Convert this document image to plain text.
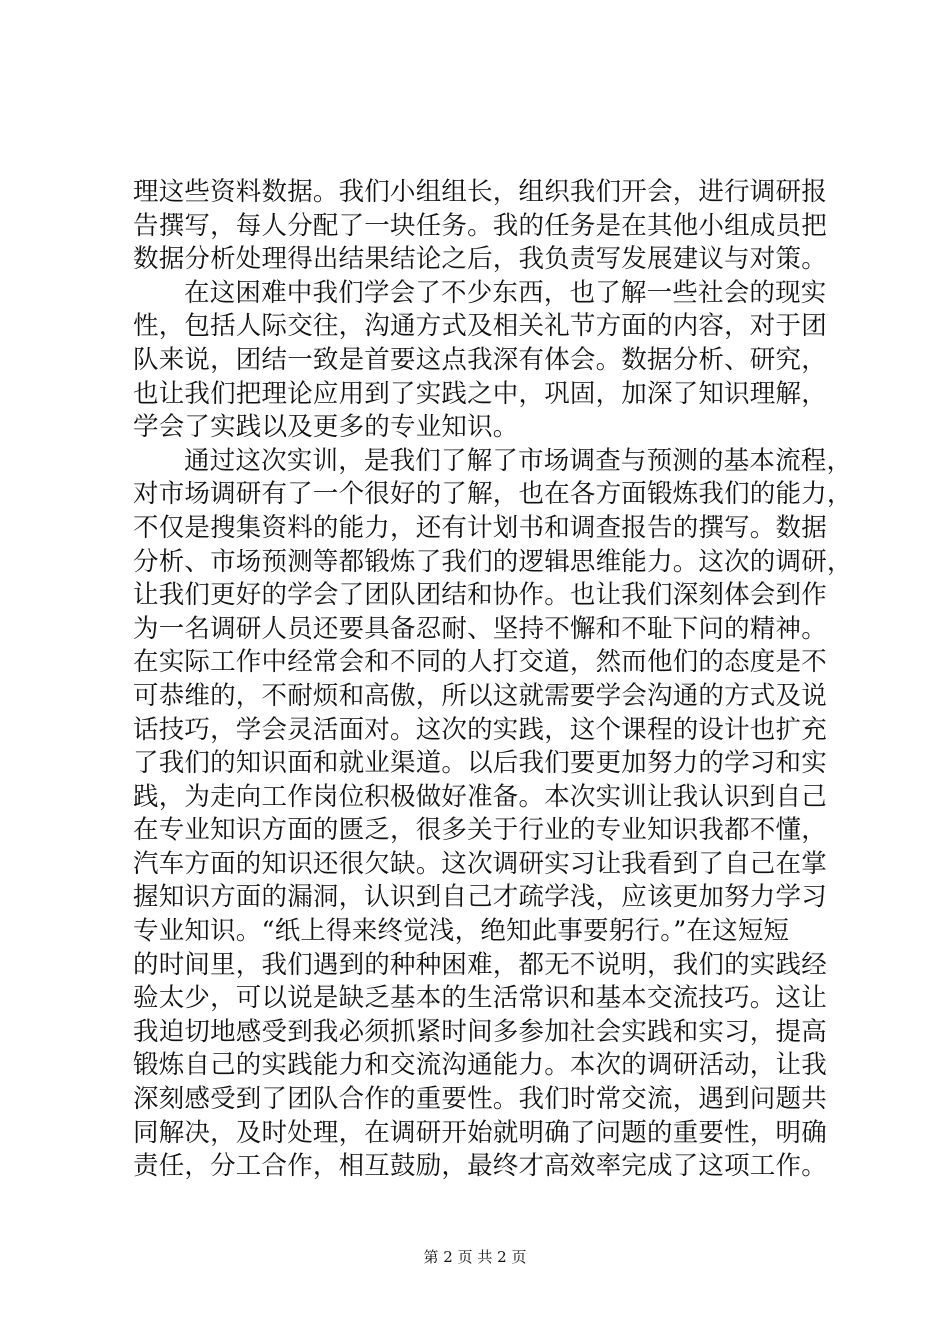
理这些资料数据。我们小组组长，组织我们开会，进行调研报
告撰写，每人分配了一块任务。我的任务是在其他小组成员把
数据分析处理得出结果结论之后，我负责写发展建议与对策。
在这困难中我们学会了不少东西，也了解一些社会的现实
性，包括人际交往，沟通方式及相关礼节方面的内容，对于团
队来说，团结一致是首要这点我深有体会。数据分析、研究，
也让我们把理论应用到了实践之中，巩固，加深了知识理解，
学会了实践以及更多的专业知识。
通过这次实训，是我们了解了市场调查与预测的基本流程，
对市场调研有了一个很好的了解，也在各方面锻炼我们的能力，
不仅是搜集资料的能力，还有计划书和调查报告的撰写。数据
分析、市场预测等都锻炼了我们的逻辑思维能力。这次的调研，
让我们更好的学会了团队团结和协作。也让我们深刻体会到作
为一名调研人员还要具备忍耐、坚持不懈和不耻下问的精神。
在实际工作中经常会和不同的人打交道，然而他们的态度是不
可恭维的，不耐烦和高傲，所以这就需要学会沟通的方式及说
话技巧，学会灵活面对。这次的实践，这个课程的设计也扩充
了我们的知识面和就业渠道。以后我们要更加努力的学习和实
践，为走向工作岗位积极做好准备。本次实训让我认识到自己
在专业知识方面的匮乏，很多关于行业的专业知识我都不懂，
汽车方面的知识还很欠缺。这次调研实习让我看到了自己在掌
握知识方面的漏洞，认识到自己才疏学浅，应该更加努力学习
专业知识。“纸上得来终觉浅，绝知此事要躬行。”在这短短
的时间里，我们遇到的种种困难，都无不说明，我们的实践经
验太少，可以说是缺乏基本的生活常识和基本交流技巧。这让
我迫切地感受到我必须抓紧时间多参加社会实践和实习，提高
锻炼自己的实践能力和交流沟通能力。本次的调研活动，让我
深刻感受到了团队合作的重要性。我们时常交流，遇到问题共
同解决，及时处理，在调研开始就明确了问题的重要性，明确
责任，分工合作，相互鼓励，最终才高效率完成了这项工作。
第 2 页 共 2 页
